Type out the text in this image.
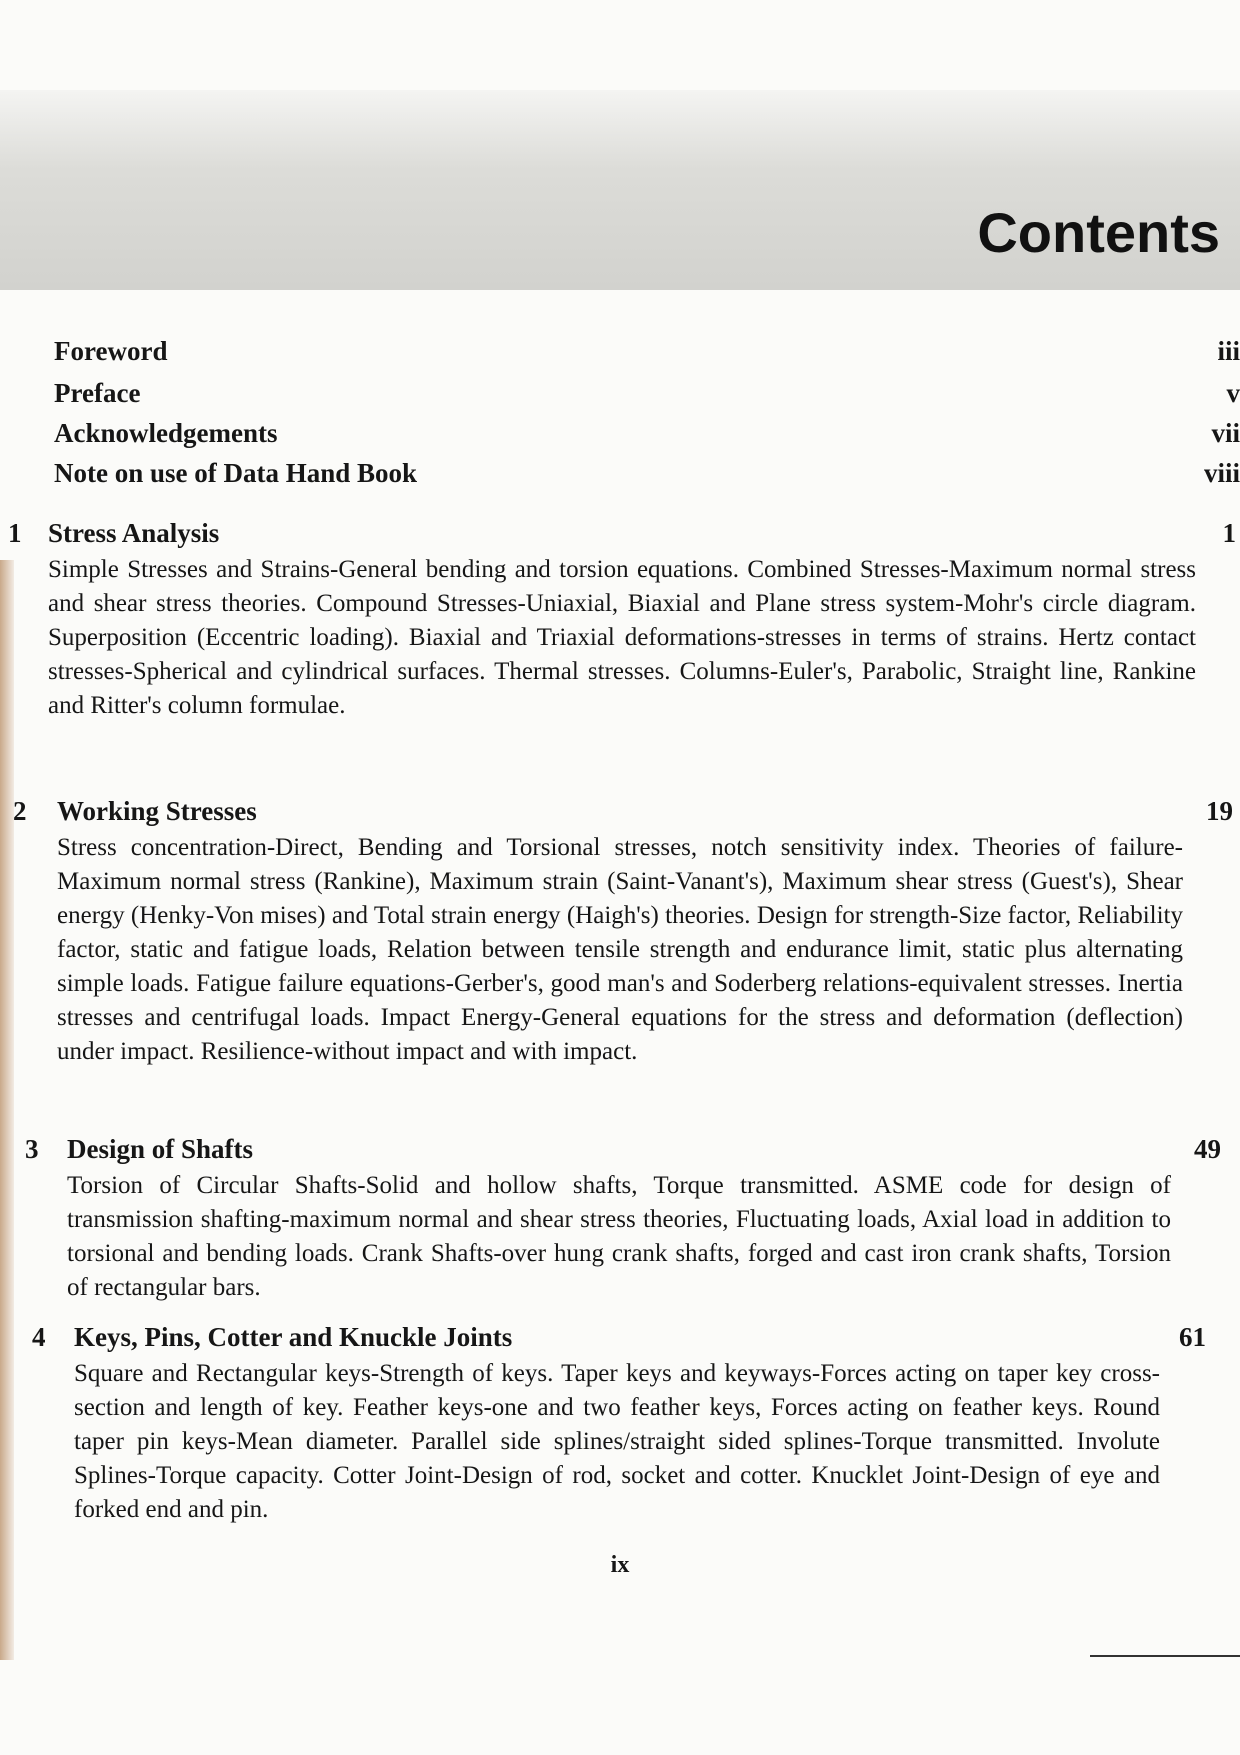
Contents
Foreword	iii
Preface	v
Acknowledgements	vii
Note on use of Data Hand Book	viii
1 Stress Analysis	1
Simple Stresses and Strains-General bending and torsion equations. Combined Stresses-Maximum normal stress and shear stress theories. Compound Stresses-Uniaxial, Biaxial and Plane stress system-Mohr's circle diagram. Superposition (Eccentric loading). Biaxial and Triaxial deformations-stresses in terms of strains. Hertz contact stresses-Spherical and cylindrical surfaces. Thermal stresses. Columns-Euler's, Parabolic, Straight line, Rankine and Ritter's column formulae.
2 Working Stresses	19
Stress concentration-Direct, Bending and Torsional stresses, notch sensitivity index. Theories of failure-Maximum normal stress (Rankine), Maximum strain (Saint-Vanant's), Maximum shear stress (Guest's), Shear energy (Henky-Von mises) and Total strain energy (Haigh's) theories. Design for strength-Size factor, Reliability factor, static and fatigue loads, Relation between tensile strength and endurance limit, static plus alternating simple loads. Fatigue failure equations-Gerber's, good man's and Soderberg relations-equivalent stresses. Inertia stresses and centrifugal loads. Impact Energy-General equations for the stress and deformation (deflection) under impact. Resilience-without impact and with impact.
3 Design of Shafts	49
Torsion of Circular Shafts-Solid and hollow shafts, Torque transmitted. ASME code for design of transmission shafting-maximum normal and shear stress theories, Fluctuating loads, Axial load in addition to torsional and bending loads. Crank Shafts-over hung crank shafts, forged and cast iron crank shafts, Torsion of rectangular bars.
4 Keys, Pins, Cotter and Knuckle Joints	61
Square and Rectangular keys-Strength of keys. Taper keys and keyways-Forces acting on taper key cross-section and length of key. Feather keys-one and two feather keys, Forces acting on feather keys. Round taper pin keys-Mean diameter. Parallel side splines/straight sided splines-Torque transmitted. Involute Splines-Torque capacity. Cotter Joint-Design of rod, socket and cotter. Knucklet Joint-Design of eye and forked end and pin.
ix
